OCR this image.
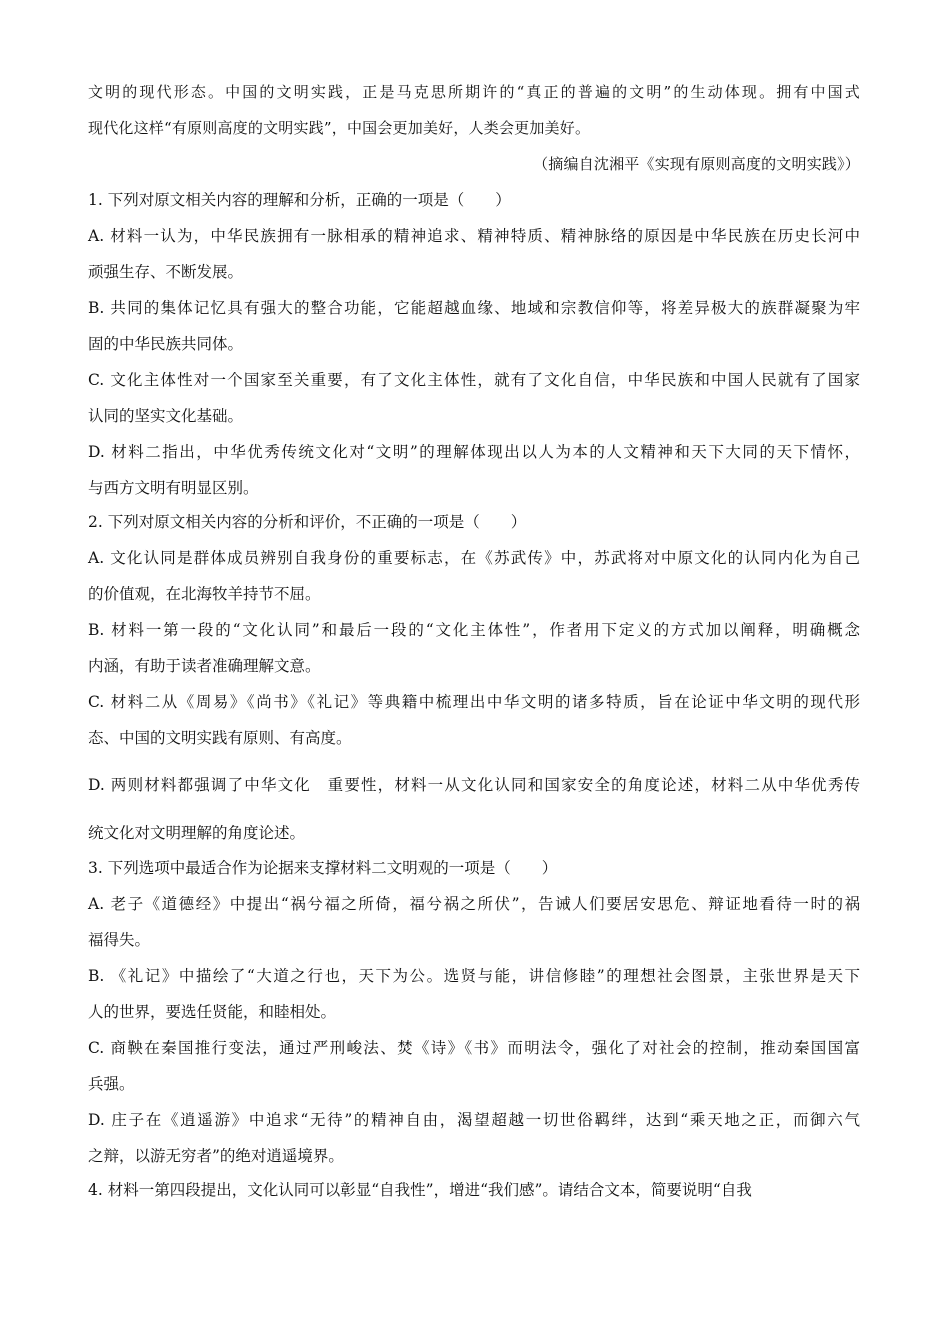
文明的现代形态。中国的文明实践，正是马克思所期许的“真正的普遍的文明”的生动体现。拥有中国式
现代化这样“有原则高度的文明实践”，中国会更加美好，人类会更加美好。
（摘编自沈湘平《实现有原则高度的文明实践》）
1. 下列对原文相关内容的理解和分析，正确的一项是（　　）
A. 材料一认为，中华民族拥有一脉相承的精神追求、精神特质、精神脉络的原因是中华民族在历史长河中
顽强生存、不断发展。
B. 共同的集体记忆具有强大的整合功能，它能超越血缘、地域和宗教信仰等，将差异极大的族群凝聚为牢
固的中华民族共同体。
C. 文化主体性对一个国家至关重要，有了文化主体性，就有了文化自信，中华民族和中国人民就有了国家
认同的坚实文化基础。
D. 材料二指出，中华优秀传统文化对“文明”的理解体现出以人为本的人文精神和天下大同的天下情怀，
与西方文明有明显区别。
2. 下列对原文相关内容的分析和评价，不正确的一项是（　　）
A. 文化认同是群体成员辨别自我身份的重要标志，在《苏武传》中，苏武将对中原文化的认同内化为自己
的价值观，在北海牧羊持节不屈。
B. 材料一第一段的“文化认同”和最后一段的“文化主体性”，作者用下定义的方式加以阐释，明确概念
内涵，有助于读者准确理解文意。
C. 材料二从《周易》《尚书》《礼记》等典籍中梳理出中华文明的诸多特质，旨在论证中华文明的现代形
态、中国的文明实践有原则、有高度。
D. 两则材料都强调了中华文化　重要性，材料一从文化认同和国家安全的角度论述，材料二从中华优秀传
统文化对文明理解的角度论述。
3. 下列选项中最适合作为论据来支撑材料二文明观的一项是（　　）
A. 老子《道德经》中提出“祸兮福之所倚，福兮祸之所伏”，告诫人们要居安思危、辩证地看待一时的祸
福得失。
B. 《礼记》中描绘了“大道之行也，天下为公。选贤与能，讲信修睦”的理想社会图景，主张世界是天下
人的世界，要选任贤能，和睦相处。
C. 商鞅在秦国推行变法，通过严刑峻法、焚《诗》《书》而明法令，强化了对社会的控制，推动秦国国富
兵强。
D. 庄子在《逍遥游》中追求“无待”的精神自由，渴望超越一切世俗羁绊，达到“乘天地之正，而御六气
之辩，以游无穷者”的绝对逍遥境界。
4. 材料一第四段提出，文化认同可以彰显“自我性”，增进“我们感”。请结合文本，简要说明“自我
